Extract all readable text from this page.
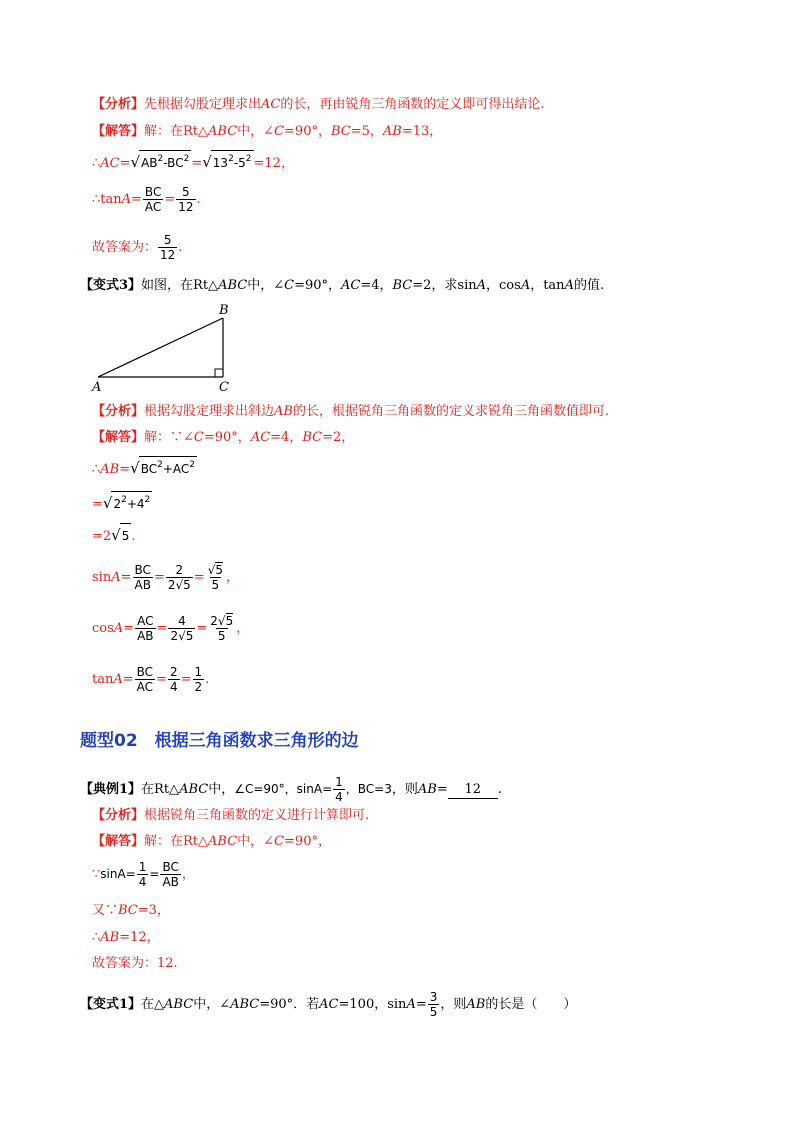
【分析】先根据勾股定理求出AC的长，再由锐角三角函数的定义即可得出结论.
【解答】解：在Rt△ABC中，∠C=90°，BC=5，AB=13，
$\therefore AC=√AB^2-BC^2 =√13^2-5^2 =12$，
∴tanA= $\frac{BC}{AC} = \frac{5}{12}$ .
故答案为： $\frac{5}{12}$ .
【变式3】如图，在Rt△ABC中，∠C=90°，AC=4，BC=2，求sinA，cosA，tanA的值.
A
B
C
【分析】根据勾股定理求出斜边AB的长，根据锐角三角函数的定义求锐角三角函数值即可.
【解答】解：∵∠C=90°，AC=4，BC=2，
$\therefore AB=√BC^2+AC^2$
$=√2^2+4^2$
=2√5 .
$\sin A= \frac{BC}{AB} = \frac{2}{2√5} = \frac{√5}{5}$ ，
$\cos A= \frac{AC}{AB} = \frac{4}{2√5} = \frac{2√5}{5}$ ，
$\tan A= \frac{BC}{AC} = \frac{2}{4} = \frac{1}{2}$ .
题型02　根据三角函数求三角形的边
【典例1】在Rt△ABC中，∠C=90°，$\sin A= \frac{1}{4}$ ，BC=3，则AB= 12 .
【分析】根据锐角三角函数的定义进行计算即可.
【解答】解：在Rt△ABC中，∠C=90°，
∵sinA= $\frac{1}{4} = \frac{BC}{AB}$ ，
又∵BC=3，
∴AB=12，
故答案为：12.
【变式1】在△ABC中，∠ABC=90°．若AC=100，$\sin A= \frac{3}{5}$ ，则AB的长是（　　）
